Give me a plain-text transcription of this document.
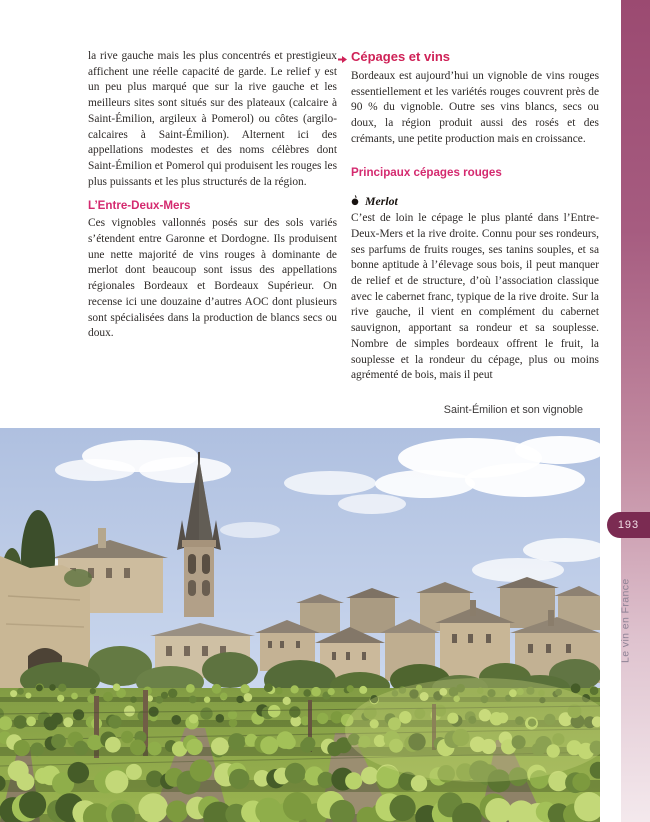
la rive gauche mais les plus concentrés et prestigieux affichent une réelle capacité de garde. Le relief y est un peu plus marqué que sur la rive gauche et les meilleurs sites sont situés sur des plateaux (calcaire à Saint-Émilion, argileux à Pomerol) ou côtes (argilo-calcaires à Saint-Émilion). Alternent ici des appellations modestes et des noms célèbres dont Saint-Émilion et Pomerol qui produisent les rouges les plus puissants et les plus structurés de la région.

L’Entre-Deux-Mers

Ces vignobles vallonnés posés sur des sols variés s’étendent entre Garonne et Dordogne. Ils produisent une nette majorité de vins rouges à dominante de merlot dont beaucoup sont issus des appellations régionales Bordeaux et Bordeaux Supérieur. On recense ici une douzaine d’autres AOC dont plusieurs sont spécialisées dans la production de blancs secs ou doux.

Cépages et vins

Bordeaux est aujourd’hui un vignoble de vins rouges essentiellement et les variétés rouges couvrent près de 90 % du vignoble. Outre ses vins blancs, secs ou doux, la région produit aussi des rosés et des crémants, une petite production mais en croissance.

Principaux cépages rouges
Merlot

C’est de loin le cépage le plus planté dans l’Entre-Deux-Mers et la rive droite. Connu pour ses rondeurs, ses parfums de fruits rouges, ses tanins souples, et sa bonne aptitude à l’élevage sous bois, il peut manquer de relief et de structure, d’où l’association classique avec le cabernet franc, typique de la rive droite. Sur la rive gauche, il vient en complément du cabernet sauvignon, apportant sa rondeur et sa souplesse. Nombre de simples bordeaux offrent le fruit, la souplesse et la rondeur du cépage, plus ou moins agrémenté de bois, mais il peut

Saint-Émilion et son vignoble
193
Le vin en France
